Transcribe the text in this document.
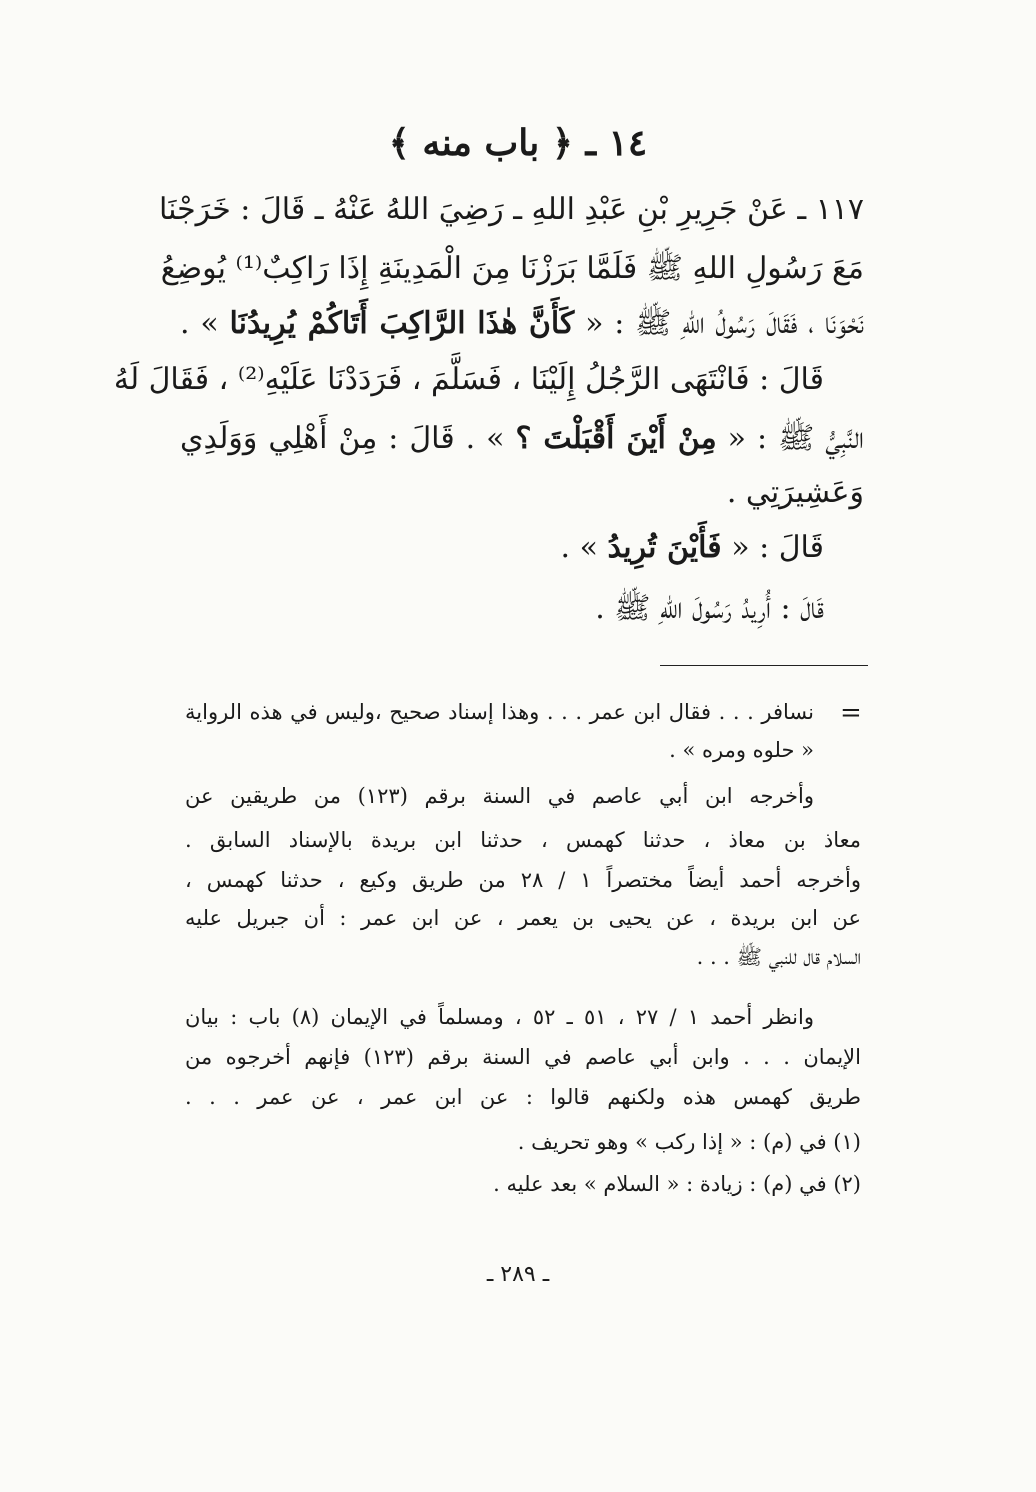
١٤ ـ ﴿ باب منه ﴾
١١٧ ـ عَنْ جَرِيرِ بْنِ عَبْدِ اللهِ ـ رَضِيَ اللهُ عَنْهُ ـ قَالَ : خَرَجْنَا
مَعَ رَسُولِ اللهِ ﷺ فَلَمَّا بَرَزْنَا مِنَ الْمَدِينَةِ إِذَا رَاكِبٌ⁽¹⁾ يُوضِعُ
نَحْوَنَا ، فَقَالَ رَسُولُ اللهِ ﷺ : « كَأَنَّ هٰذَا الرَّاكِبَ أَتَاكُمْ يُرِيدُنَا » .
قَالَ : فَانْتَهَى الرَّجُلُ إِلَيْنَا ، فَسَلَّمَ ، فَرَدَدْنَا عَلَيْهِ⁽²⁾ ، فَقَالَ لَهُ
النَّبِيُّ ﷺ : « مِنْ أَيْنَ أَقْبَلْتَ ؟ » . قَالَ : مِنْ أَهْلِي وَوَلَدِي
وَعَشِيرَتِي .
قَالَ : « فَأَيْنَ تُرِيدُ » .
قَالَ : أُرِيدُ رَسُولَ اللهِ ﷺ .
=
نسافر . . . فقال ابن عمر . . . وهذا إسناد صحيح ،وليس في هذه الرواية
« حلوه ومره » .
وأخرجه ابن أبي عاصم في السنة برقم (١٢٣) من طريقين عن
معاذ بن معاذ ، حدثنا كهمس ، حدثنا ابن بريدة بالإسناد السابق .
وأخرجه أحمد أيضاً مختصراً ١ / ٢٨ من طريق وكيع ، حدثنا كهمس ،
عن ابن بريدة ، عن يحيى بن يعمر ، عن ابن عمر : أن جبريل عليه
السلام قال للنبي ﷺ . . .
وانظر أحمد ١ / ٢٧ ، ٥١ ـ ٥٢ ، ومسلماً في الإيمان (٨) باب : بيان
الإيمان . . . وابن أبي عاصم في السنة برقم (١٢٣) فإنهم أخرجوه من
طريق كهمس هذه ولكنهم قالوا : عن ابن عمر ، عن عمر . . .
(١) في (م) : « إذا ركب » وهو تحريف .
(٢) في (م) : زيادة : « السلام » بعد عليه .
ـ ٢٨٩ ـ
